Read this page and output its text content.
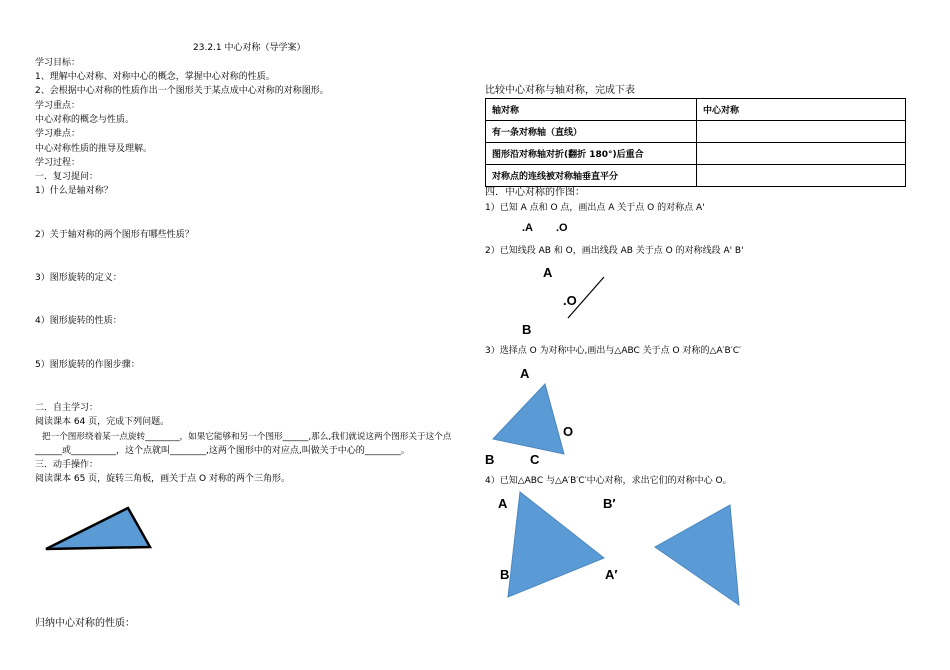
23.2.1 中心对称（导学案）
学习目标：
1、理解中心对称、对称中心的概念，掌握中心对称的性质。
2、会根据中心对称的性质作出一个图形关于某点成中心对称的对称图形。
学习重点：
中心对称的概念与性质。
学习难点：
中心对称性质的推导及理解。
学习过程：
一．复习提问：
1）什么是轴对称？
2）关于轴对称的两个图形有哪些性质？
3）图形旋转的定义：
4）图形旋转的性质：
5）图形旋转的作图步骤：
二．自主学习：
阅读课本 64 页，完成下列问题。
把一个图形绕着某一点旋转________，如果它能够和另一个图形______,那么,我们就说这两个图形关于这个点
______或__________，这个点就叫________,这两个图形中的对应点,叫做关于中心的________。
三．动手操作：
阅读课本 65 页，旋转三角板，画关于点 O 对称的两个三角形。
归纳中心对称的性质：
比较中心对称与轴对称，完成下表
轴对称	中心对称
有一条对称轴（直线）	
图形沿对称轴对折(翻折 180°)后重合	
对称点的连线被对称轴垂直平分	
四．中心对称的作图：
1）已知 A 点和 O 点，画出点 A 关于点 O 的对称点 A'
.A .O
2）已知线段 AB 和 O，画出线段 AB 关于点 O 的对称线段 A' B'
A
.O
B
3）选择点 O 为对称中心,画出与△ABC 关于点 O 对称的△A′B′C′
A
O
B	C
4）已知△ABC 与△A′B′C′中心对称，求出它们的对称中心 O。
A	B′
B	A′
